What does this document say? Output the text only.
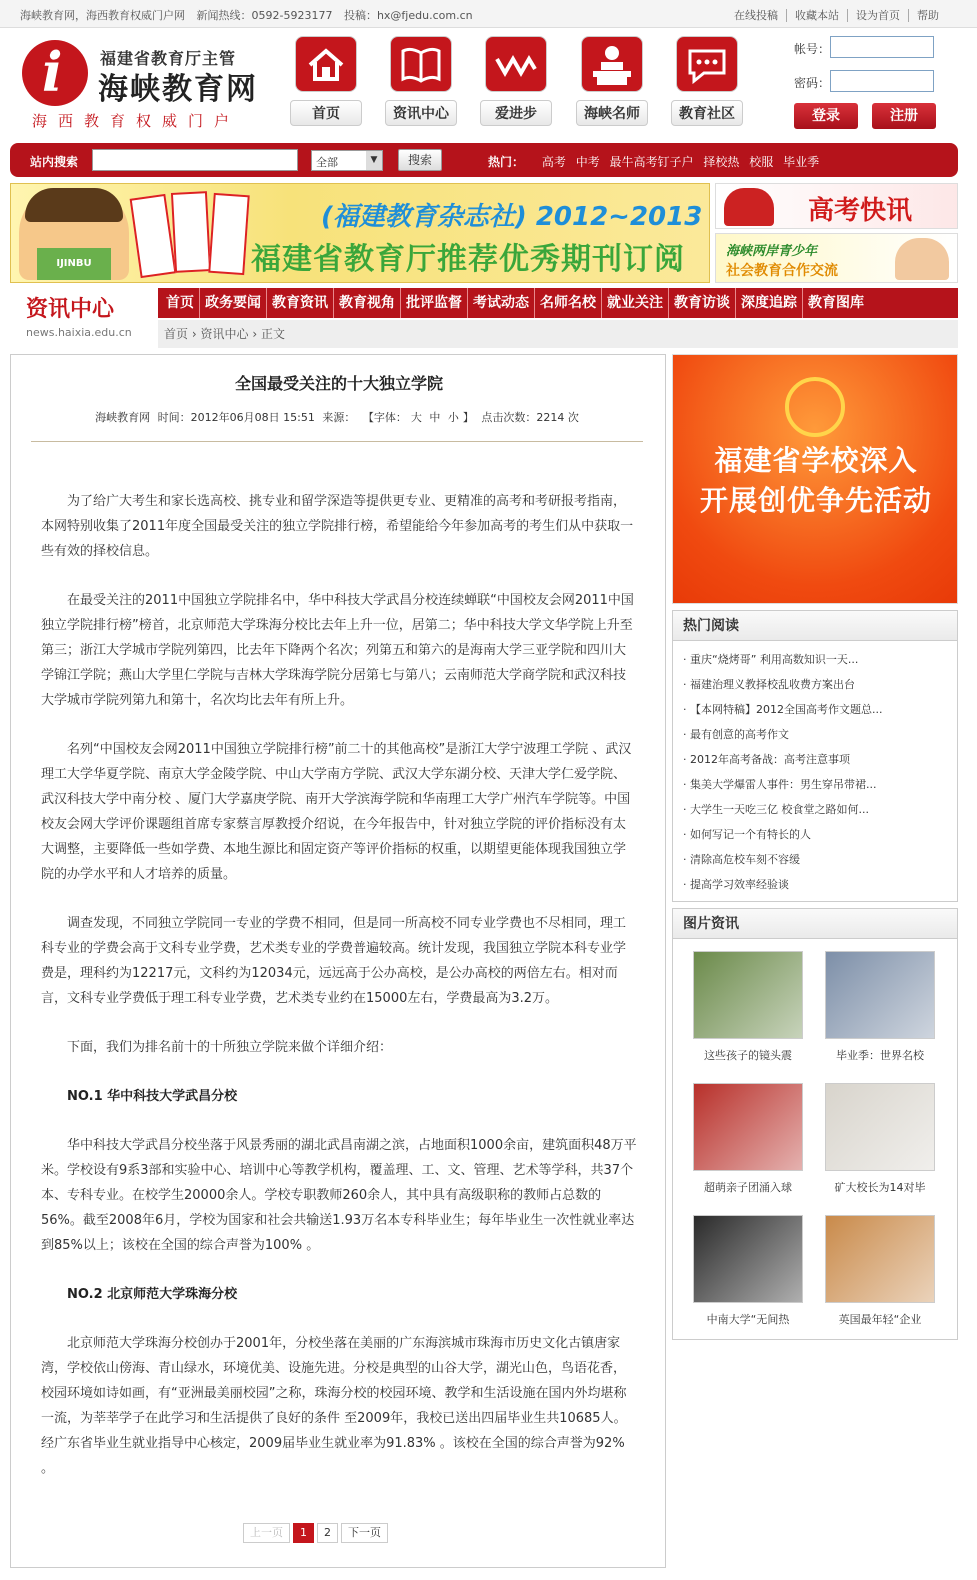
海峡教育网，海西教育权威门户网 新闻热线：0592-5923177 投稿：hx@fjedu.com.cn	在线投稿 收藏本站 设为首页 帮助
i 福建省教育厅主管
海峡教育网
海西教育权威门户	首页	资讯中心	爱进步	海峡名师	教育社区
帐号：
密码：
登录	注册
站内搜索	全部	▼	搜索	热门： 高考 中考 最牛高考钉子户 择校热 校服 毕业季
IJINBU
(福建教育杂志社) 2012~2013
福建省教育厅推荐优秀期刊订阅
高考快讯
海峡两岸青少年
社会教育合作交流
资讯中心
news.haixia.edu.cn
首页 政务要闻 教育资讯 教育视角 批评监督 考试动态 名师名校 就业关注 教育访谈 深度追踪 教育图库
首页 › 资讯中心 › 正文
全国最受关注的十大独立学院
海峡教育网 时间：2012年06月08日 15:51 来源： 【字体： 大 中 小 】 点击次数：2214 次

为了给广大考生和家长选高校、挑专业和留学深造等提供更专业、更精准的高考和考研报考指南，本网特别收集了2011年度全国最受关注的独立学院排行榜，希望能给今年参加高考的考生们从中获取一些有效的择校信息。

在最受关注的2011中国独立学院排名中，华中科技大学武昌分校连续蝉联“中国校友会网2011中国独立学院排行榜”榜首，北京师范大学珠海分校比去年上升一位，居第二；华中科技大学文华学院上升至第三；浙江大学城市学院列第四，比去年下降两个名次；列第五和第六的是海南大学三亚学院和四川大学锦江学院；燕山大学里仁学院与吉林大学珠海学院分居第七与第八；云南师范大学商学院和武汉科技大学城市学院列第九和第十，名次均比去年有所上升。

名列“中国校友会网2011中国独立学院排行榜”前二十的其他高校”是浙江大学宁波理工学院 、武汉理工大学华夏学院、南京大学金陵学院、中山大学南方学院、武汉大学东湖分校、天津大学仁爱学院、武汉科技大学中南分校 、厦门大学嘉庚学院、南开大学滨海学院和华南理工大学广州汽车学院等。中国校友会网大学评价课题组首席专家蔡言厚教授介绍说，在今年报告中，针对独立学院的评价指标没有太大调整，主要降低一些如学费、本地生源比和固定资产等评价指标的权重，以期望更能体现我国独立学院的办学水平和人才培养的质量。

调查发现，不同独立学院同一专业的学费不相同，但是同一所高校不同专业学费也不尽相同，理工科专业的学费会高于文科专业学费，艺术类专业的学费普遍较高。统计发现，我国独立学院本科专业学费是，理科约为12217元，文科约为12034元，远远高于公办高校，是公办高校的两倍左右。相对而言，文科专业学费低于理工科专业学费，艺术类专业约在15000左右，学费最高为3.2万。

下面，我们为排名前十的十所独立学院来做个详细介绍：

NO.1 华中科技大学武昌分校

华中科技大学武昌分校坐落于风景秀丽的湖北武昌南湖之滨，占地面积1000余亩，建筑面积48万平米。学校设有9系3部和实验中心、培训中心等教学机构，覆盖理、工、文、管理、艺术等学科，共37个本、专科专业。在校学生20000余人。学校专职教师260余人，其中具有高级职称的教师占总数的56%。截至2008年6月，学校为国家和社会共输送1.93万名本专科毕业生；每年毕业生一次性就业率达到85%以上；该校在全国的综合声誉为100% 。

NO.2 北京师范大学珠海分校

北京师范大学珠海分校创办于2001年，分校坐落在美丽的广东海滨城市珠海市历史文化古镇唐家湾，学校依山傍海、青山绿水，环境优美、设施先进。分校是典型的山谷大学，湖光山色，鸟语花香，校园环境如诗如画，有“亚洲最美丽校园”之称，珠海分校的校园环境、教学和生活设施在国内外均堪称一流，为莘莘学子在此学习和生活提供了良好的条件 至2009年，我校已送出四届毕业生共10685人。经广东省毕业生就业指导中心核定，2009届毕业生就业率为91.83% 。该校在全国的综合声誉为92% 。

上一页 1 2 下一页
福建省学校深入
开展创优争先活动
热门阅读
· 重庆“烧烤哥” 利用高数知识一天...
· 福建治理义教择校乱收费方案出台
· 【本网特稿】2012全国高考作文题总...
· 最有创意的高考作文
· 2012年高考备战：高考注意事项
· 集美大学爆雷人事件：男生穿吊带裙...
· 大学生一天吃三亿 校食堂之路如何...
· 如何写记一个有特长的人
· 清除高危校车刻不容缓
· 提高学习效率经验谈
图片资讯
这些孩子的镜头震	毕业季：世界名校
超萌亲子团涌入球	矿大校长为14对毕
中南大学“无间热	英国最年轻“企业
